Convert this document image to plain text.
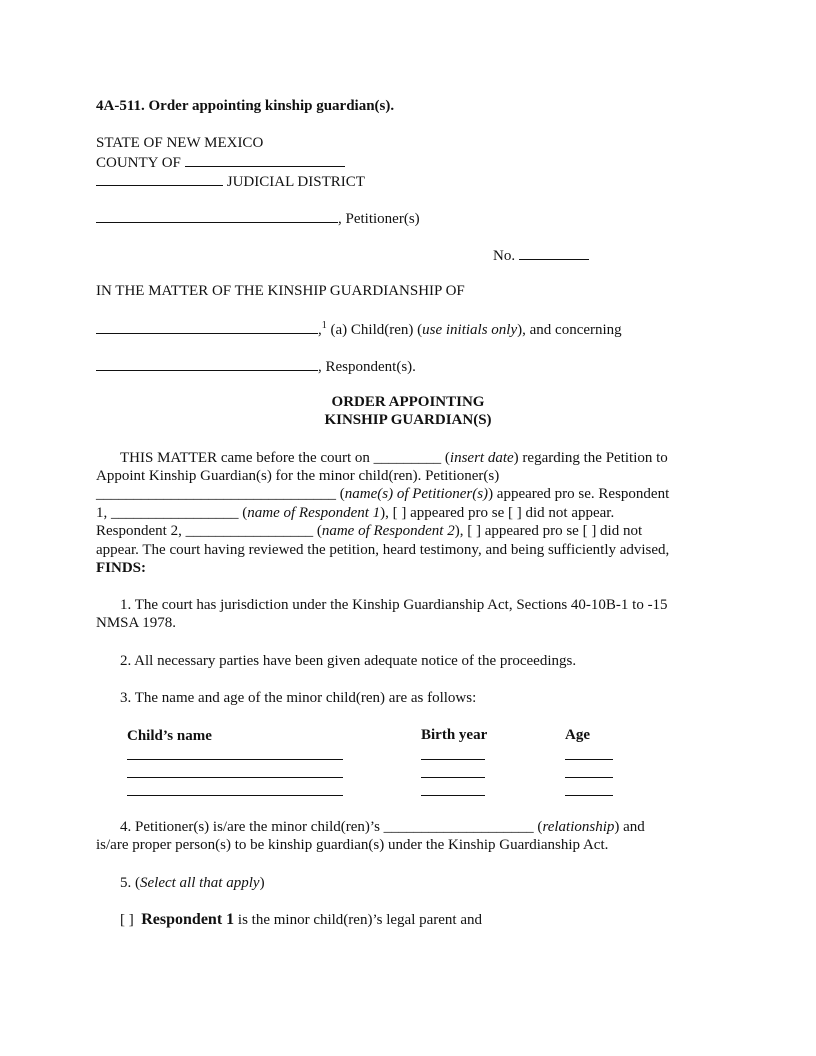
4A-511. Order appointing kinship guardian(s).
STATE OF NEW MEXICO
COUNTY OF
JUDICIAL DISTRICT
, Petitioner(s)
No.
IN THE MATTER OF THE KINSHIP GUARDIANSHIP OF
,$^1$ (a) Child(ren) (use initials only), and concerning
, Respondent(s).
ORDER APPOINTING
KINSHIP GUARDIAN(S)
THIS MATTER came before the court on _________ (insert date) regarding the Petition to
Appoint Kinship Guardian(s) for the minor child(ren). Petitioner(s)
________________________________ (name(s) of Petitioner(s)) appeared pro se. Respondent
1, _________________ (name of Respondent 1), [ ] appeared pro se [ ] did not appear.
Respondent 2, _________________ (name of Respondent 2), [ ] appeared pro se [ ] did not
appear. The court having reviewed the petition, heard testimony, and being sufficiently advised,
FINDS:
1. The court has jurisdiction under the Kinship Guardianship Act, Sections 40-10B-1 to -15
NMSA 1978.
2. All necessary parties have been given adequate notice of the proceedings.
3. The name and age of the minor child(ren) are as follows:
Child’s name	Birth year	Age
4. Petitioner(s) is/are the minor child(ren)’s ____________________ (relationship) and
is/are proper person(s) to be kinship guardian(s) under the Kinship Guardianship Act.
5. (Select all that apply)
[ ] Respondent 1 is the minor child(ren)’s legal parent and
